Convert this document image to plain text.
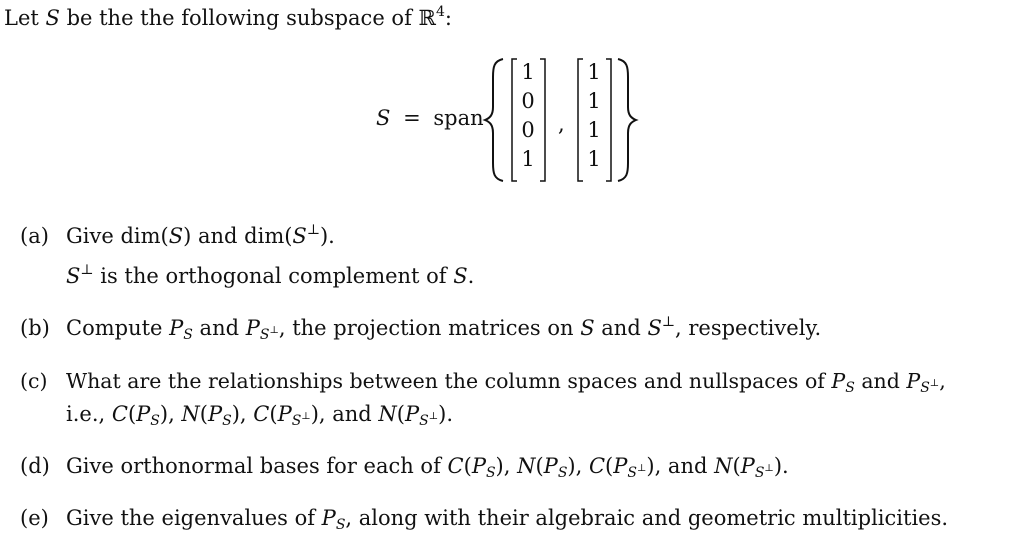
Let S be the the following subspace of ℝ$^4$:
S = span
1
0
0
1
,
1
1
1
1
(a) Give dim(S) and dim(S⊥).
S⊥ is the orthogonal complement of S.
(b) Compute $P_S$ and $P_{S^\perp}$, the projection matrices on S and S⊥, respectively.
(c) What are the relationships between the column spaces and nullspaces of $P_S$ and $P_{S^\perp}$,
i.e., $C(P_S)$, $N(P_S)$, $C(P_{S^\perp})$, and $N(P_{S^\perp})$.
(d) Give orthonormal bases for each of $C(P_S)$, $N(P_S)$, $C(P_{S^\perp})$, and $N(P_{S^\perp})$.
(e) Give the eigenvalues of $P_S$, along with their algebraic and geometric multiplicities.
